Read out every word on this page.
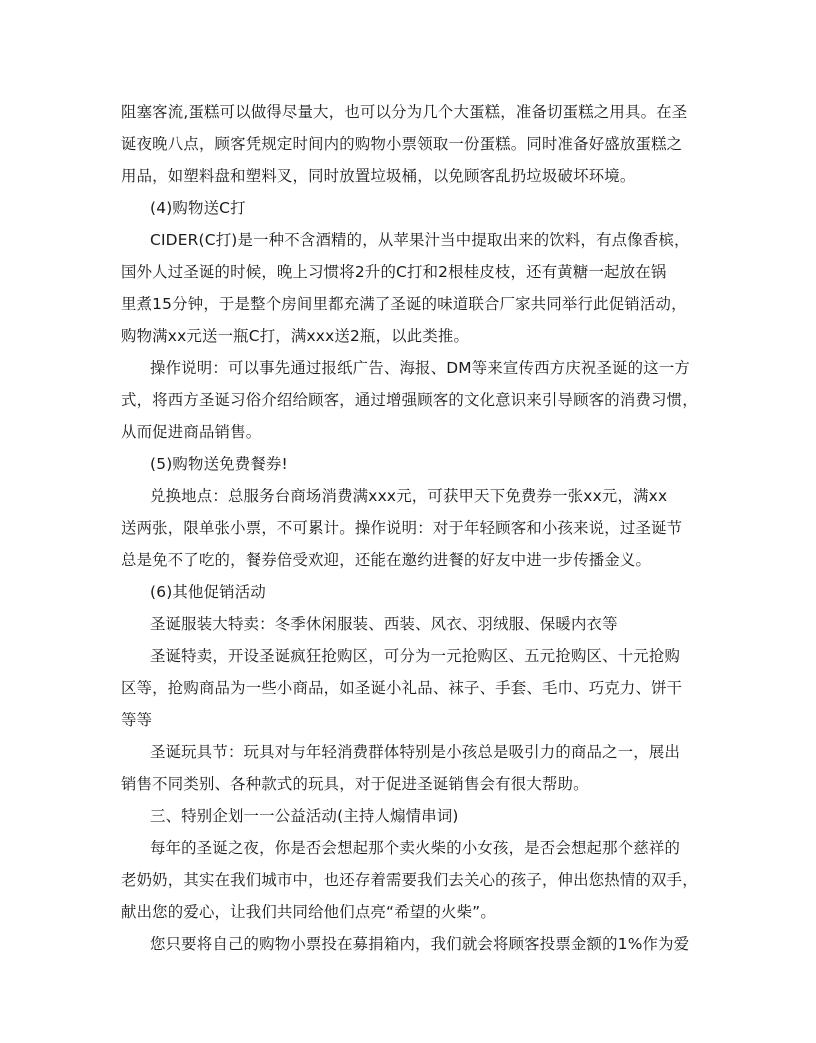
阻塞客流,蛋糕可以做得尽量大，也可以分为几个大蛋糕，准备切蛋糕之用具。在圣
诞夜晚八点，顾客凭规定时间内的购物小票领取一份蛋糕。同时准备好盛放蛋糕之
用品，如塑料盘和塑料叉，同时放置垃圾桶，以免顾客乱扔垃圾破坏环境。
(4)购物送C打
CIDER(C打)是一种不含酒精的，从苹果汁当中提取出来的饮料，有点像香槟，
国外人过圣诞的时候，晚上习惯将2升的C打和2根桂皮枝，还有黄糖一起放在锅
里煮15分钟，于是整个房间里都充满了圣诞的味道联合厂家共同举行此促销活动，
购物满xx元送一瓶C打，满xxx送2瓶，以此类推。
操作说明：可以事先通过报纸广告、海报、DM等来宣传西方庆祝圣诞的这一方
式，将西方圣诞习俗介绍给顾客，通过增强顾客的文化意识来引导顾客的消费习惯，
从而促进商品销售。
(5)购物送免费餐券!
兑换地点：总服务台商场消费满xxx元，可获甲天下免费券一张xx元，满xx
送两张，限单张小票，不可累计。操作说明：对于年轻顾客和小孩来说，过圣诞节
总是免不了吃的，餐券倍受欢迎，还能在邀约进餐的好友中进一步传播金义。
(6)其他促销活动
圣诞服装大特卖：冬季休闲服装、西装、风衣、羽绒服、保暖内衣等
圣诞特卖，开设圣诞疯狂抢购区，可分为一元抢购区、五元抢购区、十元抢购
区等，抢购商品为一些小商品，如圣诞小礼品、袜子、手套、毛巾、巧克力、饼干
等等
圣诞玩具节：玩具对与年轻消费群体特别是小孩总是吸引力的商品之一，展出
销售不同类别、各种款式的玩具，对于促进圣诞销售会有很大帮助。
三、特别企划一一公益活动(主持人煽情串词)
每年的圣诞之夜，你是否会想起那个卖火柴的小女孩，是否会想起那个慈祥的
老奶奶，其实在我们城市中，也还存着需要我们去关心的孩子，伸出您热情的双手，
献出您的爱心，让我们共同给他们点亮“希望的火柴”。
您只要将自己的购物小票投在募捐箱内，我们就会将顾客投票金额的1%作为爱
